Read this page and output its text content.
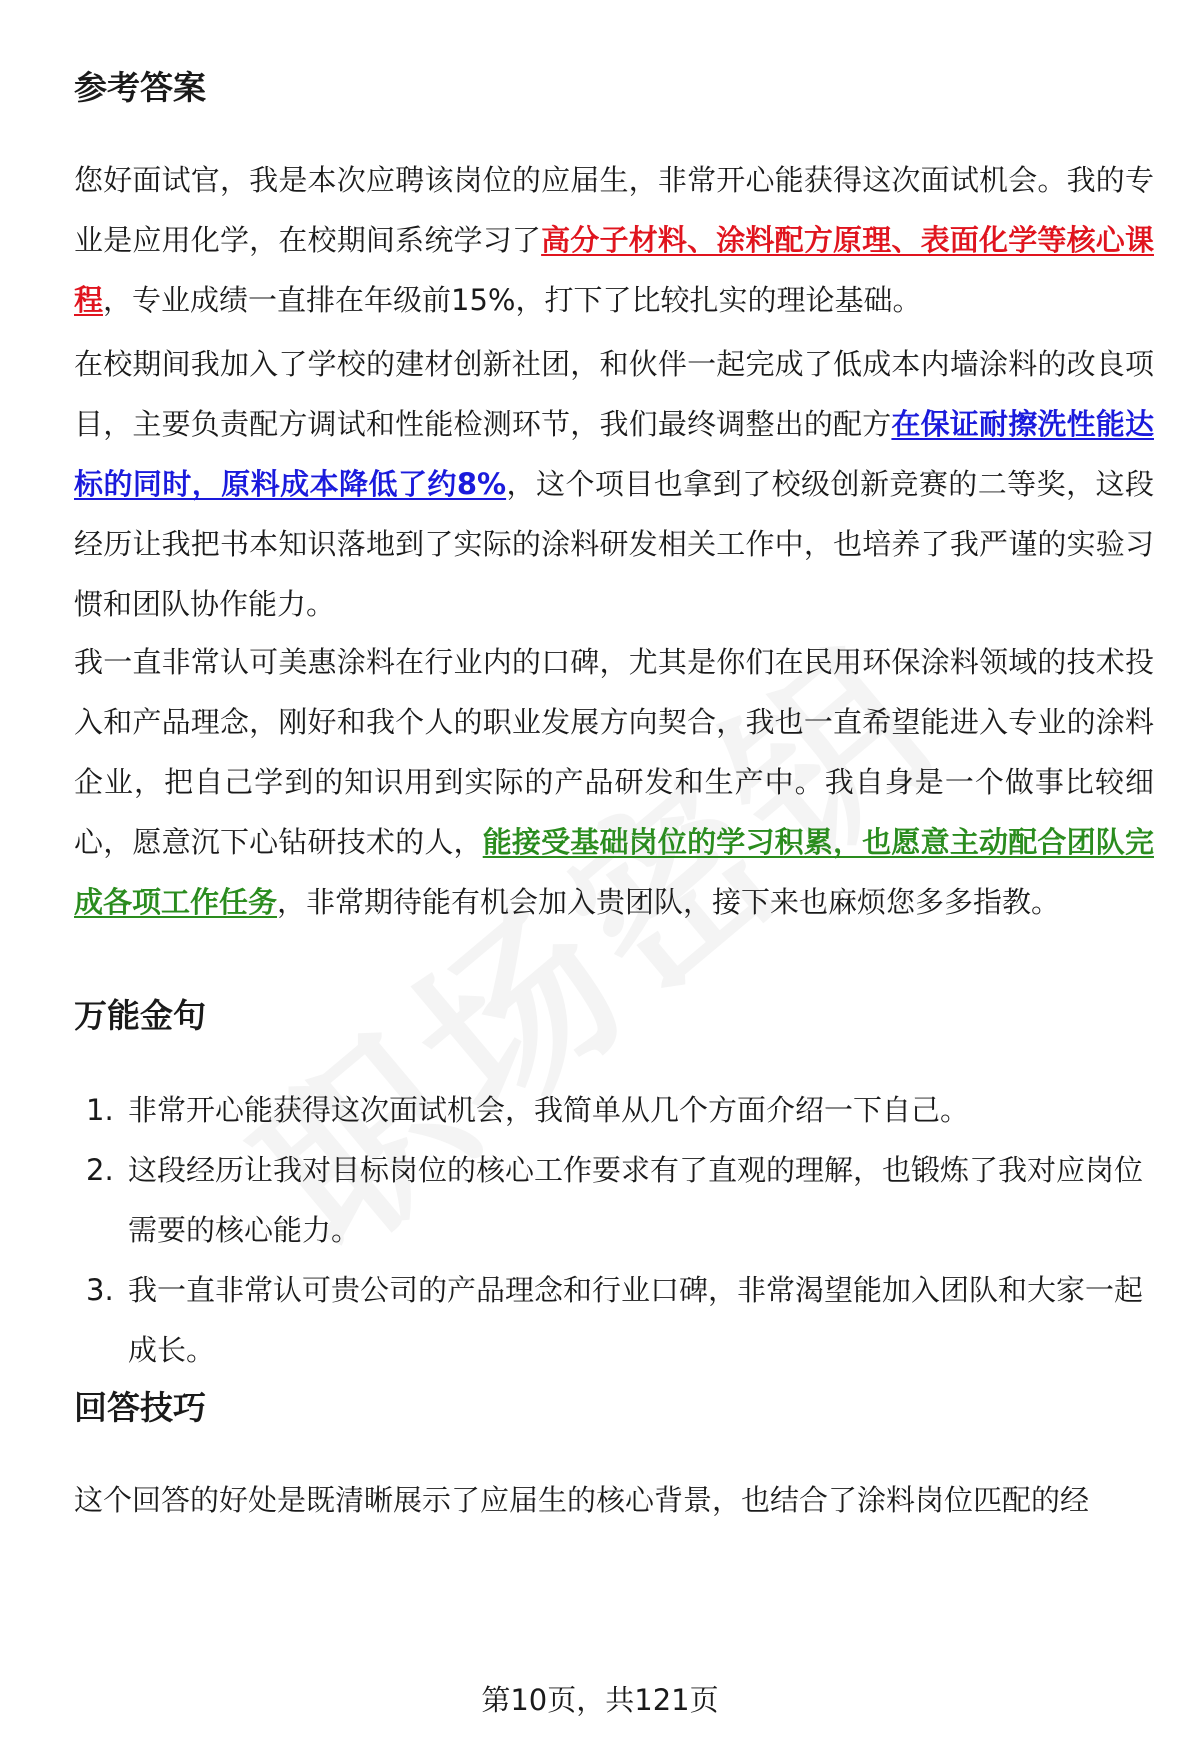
参考答案

您好面试官，我是本次应聘该岗位的应届生，非常开心能获得这次面试机会。我的专业是应用化学，在校期间系统学习了高分子材料、涂料配方原理、表面化学等核心课程，专业成绩一直排在年级前15%，打下了比较扎实的理论基础。

在校期间我加入了学校的建材创新社团，和伙伴一起完成了低成本内墙涂料的改良项目，主要负责配方调试和性能检测环节，我们最终调整出的配方在保证耐擦洗性能达标的同时，原料成本降低了约8%，这个项目也拿到了校级创新竞赛的二等奖，这段经历让我把书本知识落地到了实际的涂料研发相关工作中，也培养了我严谨的实验习惯和团队协作能力。

我一直非常认可美惠涂料在行业内的口碑，尤其是你们在民用环保涂料领域的技术投入和产品理念，刚好和我个人的职业发展方向契合，我也一直希望能进入专业的涂料企业，把自己学到的知识用到实际的产品研发和生产中。我自身是一个做事比较细心，愿意沉下心钻研技术的人，能接受基础岗位的学习积累，也愿意主动配合团队完成各项工作任务，非常期待能有机会加入贵团队，接下来也麻烦您多多指教。

万能金句
1. 非常开心能获得这次面试机会，我简单从几个方面介绍一下自己。
2. 这段经历让我对目标岗位的核心工作要求有了直观的理解，也锻炼了我对应岗位需要的核心能力。
3. 我一直非常认可贵公司的产品理念和行业口碑，非常渴望能加入团队和大家一起成长。
回答技巧

这个回答的好处是既清晰展示了应届生的核心背景，也结合了涂料岗位匹配的经

第10页，共121页
